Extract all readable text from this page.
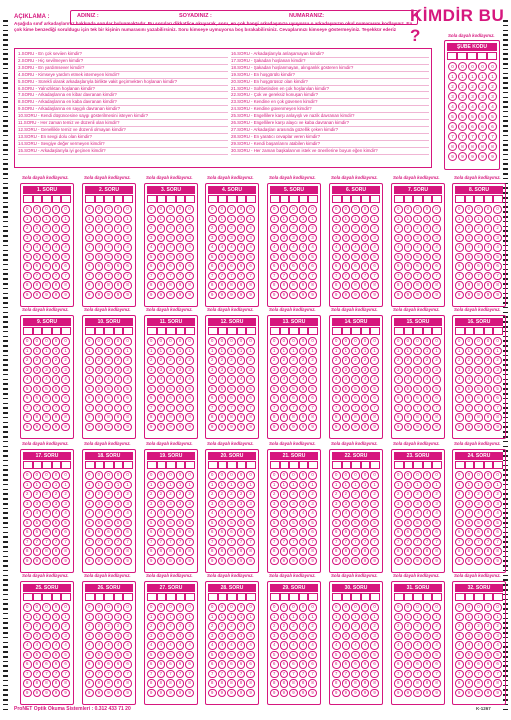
AÇIKLAMA :	ADINIZ :	SOYADINIZ :	NUMARANIZ:	KİMDİR BU ?
Aşağıda sınıf arkadaşlarınız hakkında sorular bulunmaktadır. Bu soruları dikkatlice okuyarak, soru, en çok hangi arkadaşınıza uyuyorsa o arkadaşınızın okul numarasını kodlayınız. En çok kime benzediği soruldugu için tek bir kişinin numarasını yazabilirsiniz. Soru kimseye uymuyorsa boş bırakabilirsiniz. Cevaplarınızı kimseye göstermeyiniz. Teşekkür ederiz
1.SORU - En çok seviien kimdir?
2.SORU - Hiç sevilmeyen kimdir?
3.SORU - En yardımsever kimdir?
4.SORU - Kimseye yardım etmek istemeyen kimdir?
5.SORU - Sürekli olarak arkadaşlarıyla birlikte vakit geçirmekten hoşlanan kimdir?
6.SORU - Yalnızlıktan hoşlanan kimdir?
7.SORU - Arkadaşlarına en kibar davranan kimdir?
8.SORU - Arkadaşlarına en kaba davranan kimdir?
9.SORU - Arkadaşlarına en saygılı davranan kimdir?
10.SORU - Kendi düşüncesine saygı gösterilmesini isteyen kimdir?
11.SORU - Her zaman temiz ve düzenli olan kimdir?
12.SORU - Genellikle temiz ve düzenli olmayan kimdir?
13.SORU - En sevgi dolu olan kimdir?
14.SORU - Sevgiye değer vermeyen kimdir?
15.SORU - Arkadaşlarıyla iyi geçinen kimdir?
16.SORU - Arkadaşlarıyla anlaşamayan kimdir?
17.SORU - Şakadan hoşlanan kimdir?
18.SORU - Şakadan hoşlanmayan, alınganlık gösteren kimdir?
19.SORU - En hoşgörülü kimdir?
20.SORU - En hoşgörüsüz olan kimdir?
21.SORU - Sohbetinden en çok hoşlanılan kimdir?
22.SORU - Çok ve gereksiz konuşan kimdir?
23.SORU - Kendine en çok güvenen kimdir?
24.SORU - Kendine güvenmeyen kimdir?
25.SORU - Engellilere karşı anlayışlı ve nazik davranan kimdir?
26.SORU - Engellilere karşı alaycı ve kaba davranan kimdir?
27.SORU - Arkadaşları arasında güzellik çeken kimdir?
28.SORU - En yaratıcı cevaplar veren kimdir?
29.SORU - Kendi başarılarını atabilen kimdir?
30.SORU - Her zaman başkalarının istek ve önerilerine boyun eğen kimdir?
Sola dayalı kodlayınız.
ŞUBE KODU
0	0	0	0	0
1	1	1	1	1
2	2	2	2	2
3	3	3	3	3
4	4	4	4	4
5	5	5	5	5
6	6	6	6	6
7	7	7	7	7
8	8	8	8	8
9	9	9	9	9
Sola dayalı kodlayınız.
1. SORU
0	0	0	0	0
1	1	1	1	1
2	2	2	2	2
3	3	3	3	3
4	4	4	4	4
5	5	5	5	5
6	6	6	6	6
7	7	7	7	7
8	8	8	8	8
9	9	9	9	9
Sola dayalı kodlayınız.
2. SORU
0	0	0	0	0
1	1	1	1	1
2	2	2	2	2
3	3	3	3	3
4	4	4	4	4
5	5	5	5	5
6	6	6	6	6
7	7	7	7	7
8	8	8	8	8
9	9	9	9	9
Sola dayalı kodlayınız.
3. SORU
0	0	0	0	0
1	1	1	1	1
2	2	2	2	2
3	3	3	3	3
4	4	4	4	4
5	5	5	5	5
6	6	6	6	6
7	7	7	7	7
8	8	8	8	8
9	9	9	9	9
Sola dayalı kodlayınız.
4. SORU
0	0	0	0	0
1	1	1	1	1
2	2	2	2	2
3	3	3	3	3
4	4	4	4	4
5	5	5	5	5
6	6	6	6	6
7	7	7	7	7
8	8	8	8	8
9	9	9	9	9
Sola dayalı kodlayınız.
5. SORU
0	0	0	0	0
1	1	1	1	1
2	2	2	2	2
3	3	3	3	3
4	4	4	4	4
5	5	5	5	5
6	6	6	6	6
7	7	7	7	7
8	8	8	8	8
9	9	9	9	9
Sola dayalı kodlayınız.
6. SORU
0	0	0	0	0
1	1	1	1	1
2	2	2	2	2
3	3	3	3	3
4	4	4	4	4
5	5	5	5	5
6	6	6	6	6
7	7	7	7	7
8	8	8	8	8
9	9	9	9	9
Sola dayalı kodlayınız.
7. SORU
0	0	0	0	0
1	1	1	1	1
2	2	2	2	2
3	3	3	3	3
4	4	4	4	4
5	5	5	5	5
6	6	6	6	6
7	7	7	7	7
8	8	8	8	8
9	9	9	9	9
Sola dayalı kodlayınız.
8. SORU
0	0	0	0	0
1	1	1	1	1
2	2	2	2	2
3	3	3	3	3
4	4	4	4	4
5	5	5	5	5
6	6	6	6	6
7	7	7	7	7
8	8	8	8	8
9	9	9	9	9
Sola dayalı kodlayınız.
9. SORU
0	0	0	0	0
1	1	1	1	1
2	2	2	2	2
3	3	3	3	3
4	4	4	4	4
5	5	5	5	5
6	6	6	6	6
7	7	7	7	7
8	8	8	8	8
9	9	9	9	9
Sola dayalı kodlayınız.
10. SORU
0	0	0	0	0
1	1	1	1	1
2	2	2	2	2
3	3	3	3	3
4	4	4	4	4
5	5	5	5	5
6	6	6	6	6
7	7	7	7	7
8	8	8	8	8
9	9	9	9	9
Sola dayalı kodlayınız.
11. SORU
0	0	0	0	0
1	1	1	1	1
2	2	2	2	2
3	3	3	3	3
4	4	4	4	4
5	5	5	5	5
6	6	6	6	6
7	7	7	7	7
8	8	8	8	8
9	9	9	9	9
Sola dayalı kodlayınız.
12. SORU
0	0	0	0	0
1	1	1	1	1
2	2	2	2	2
3	3	3	3	3
4	4	4	4	4
5	5	5	5	5
6	6	6	6	6
7	7	7	7	7
8	8	8	8	8
9	9	9	9	9
Sola dayalı kodlayınız.
13. SORU
0	0	0	0	0
1	1	1	1	1
2	2	2	2	2
3	3	3	3	3
4	4	4	4	4
5	5	5	5	5
6	6	6	6	6
7	7	7	7	7
8	8	8	8	8
9	9	9	9	9
Sola dayalı kodlayınız.
14. SORU
0	0	0	0	0
1	1	1	1	1
2	2	2	2	2
3	3	3	3	3
4	4	4	4	4
5	5	5	5	5
6	6	6	6	6
7	7	7	7	7
8	8	8	8	8
9	9	9	9	9
Sola dayalı kodlayınız.
15. SORU
0	0	0	0	0
1	1	1	1	1
2	2	2	2	2
3	3	3	3	3
4	4	4	4	4
5	5	5	5	5
6	6	6	6	6
7	7	7	7	7
8	8	8	8	8
9	9	9	9	9
Sola dayalı kodlayınız.
16. SORU
0	0	0	0	0
1	1	1	1	1
2	2	2	2	2
3	3	3	3	3
4	4	4	4	4
5	5	5	5	5
6	6	6	6	6
7	7	7	7	7
8	8	8	8	8
9	9	9	9	9
Sola dayalı kodlayınız.
17. SORU
0	0	0	0	0
1	1	1	1	1
2	2	2	2	2
3	3	3	3	3
4	4	4	4	4
5	5	5	5	5
6	6	6	6	6
7	7	7	7	7
8	8	8	8	8
9	9	9	9	9
Sola dayalı kodlayınız.
18. SORU
0	0	0	0	0
1	1	1	1	1
2	2	2	2	2
3	3	3	3	3
4	4	4	4	4
5	5	5	5	5
6	6	6	6	6
7	7	7	7	7
8	8	8	8	8
9	9	9	9	9
Sola dayalı kodlayınız.
19. SORU
0	0	0	0	0
1	1	1	1	1
2	2	2	2	2
3	3	3	3	3
4	4	4	4	4
5	5	5	5	5
6	6	6	6	6
7	7	7	7	7
8	8	8	8	8
9	9	9	9	9
Sola dayalı kodlayınız.
20. SORU
0	0	0	0	0
1	1	1	1	1
2	2	2	2	2
3	3	3	3	3
4	4	4	4	4
5	5	5	5	5
6	6	6	6	6
7	7	7	7	7
8	8	8	8	8
9	9	9	9	9
Sola dayalı kodlayınız.
21. SORU
0	0	0	0	0
1	1	1	1	1
2	2	2	2	2
3	3	3	3	3
4	4	4	4	4
5	5	5	5	5
6	6	6	6	6
7	7	7	7	7
8	8	8	8	8
9	9	9	9	9
Sola dayalı kodlayınız.
22. SORU
0	0	0	0	0
1	1	1	1	1
2	2	2	2	2
3	3	3	3	3
4	4	4	4	4
5	5	5	5	5
6	6	6	6	6
7	7	7	7	7
8	8	8	8	8
9	9	9	9	9
Sola dayalı kodlayınız.
23. SORU
0	0	0	0	0
1	1	1	1	1
2	2	2	2	2
3	3	3	3	3
4	4	4	4	4
5	5	5	5	5
6	6	6	6	6
7	7	7	7	7
8	8	8	8	8
9	9	9	9	9
Sola dayalı kodlayınız.
24. SORU
0	0	0	0	0
1	1	1	1	1
2	2	2	2	2
3	3	3	3	3
4	4	4	4	4
5	5	5	5	5
6	6	6	6	6
7	7	7	7	7
8	8	8	8	8
9	9	9	9	9
Sola dayalı kodlayınız.
25. SORU
0	0	0	0	0
1	1	1	1	1
2	2	2	2	2
3	3	3	3	3
4	4	4	4	4
5	5	5	5	5
6	6	6	6	6
7	7	7	7	7
8	8	8	8	8
9	9	9	9	9
Sola dayalı kodlayınız.
26. SORU
0	0	0	0	0
1	1	1	1	1
2	2	2	2	2
3	3	3	3	3
4	4	4	4	4
5	5	5	5	5
6	6	6	6	6
7	7	7	7	7
8	8	8	8	8
9	9	9	9	9
Sola dayalı kodlayınız.
27. SORU
0	0	0	0	0
1	1	1	1	1
2	2	2	2	2
3	3	3	3	3
4	4	4	4	4
5	5	5	5	5
6	6	6	6	6
7	7	7	7	7
8	8	8	8	8
9	9	9	9	9
Sola dayalı kodlayınız.
28. SORU
0	0	0	0	0
1	1	1	1	1
2	2	2	2	2
3	3	3	3	3
4	4	4	4	4
5	5	5	5	5
6	6	6	6	6
7	7	7	7	7
8	8	8	8	8
9	9	9	9	9
Sola dayalı kodlayınız.
29. SORU
0	0	0	0	0
1	1	1	1	1
2	2	2	2	2
3	3	3	3	3
4	4	4	4	4
5	5	5	5	5
6	6	6	6	6
7	7	7	7	7
8	8	8	8	8
9	9	9	9	9
Sola dayalı kodlayınız.
30. SORU
0	0	0	0	0
1	1	1	1	1
2	2	2	2	2
3	3	3	3	3
4	4	4	4	4
5	5	5	5	5
6	6	6	6	6
7	7	7	7	7
8	8	8	8	8
9	9	9	9	9
Sola dayalı kodlayınız.
31. SORU
0	0	0	0	0
1	1	1	1	1
2	2	2	2	2
3	3	3	3	3
4	4	4	4	4
5	5	5	5	5
6	6	6	6	6
7	7	7	7	7
8	8	8	8	8
9	9	9	9	9
Sola dayalı kodlayınız.
32. SORU
0	0	0	0	0
1	1	1	1	1
2	2	2	2	2
3	3	3	3	3
4	4	4	4	4
5	5	5	5	5
6	6	6	6	6
7	7	7	7	7
8	8	8	8	8
9	9	9	9	9
ProNET Optik Okuma Sistemleri : 0.312 433 71 20	K-1267
